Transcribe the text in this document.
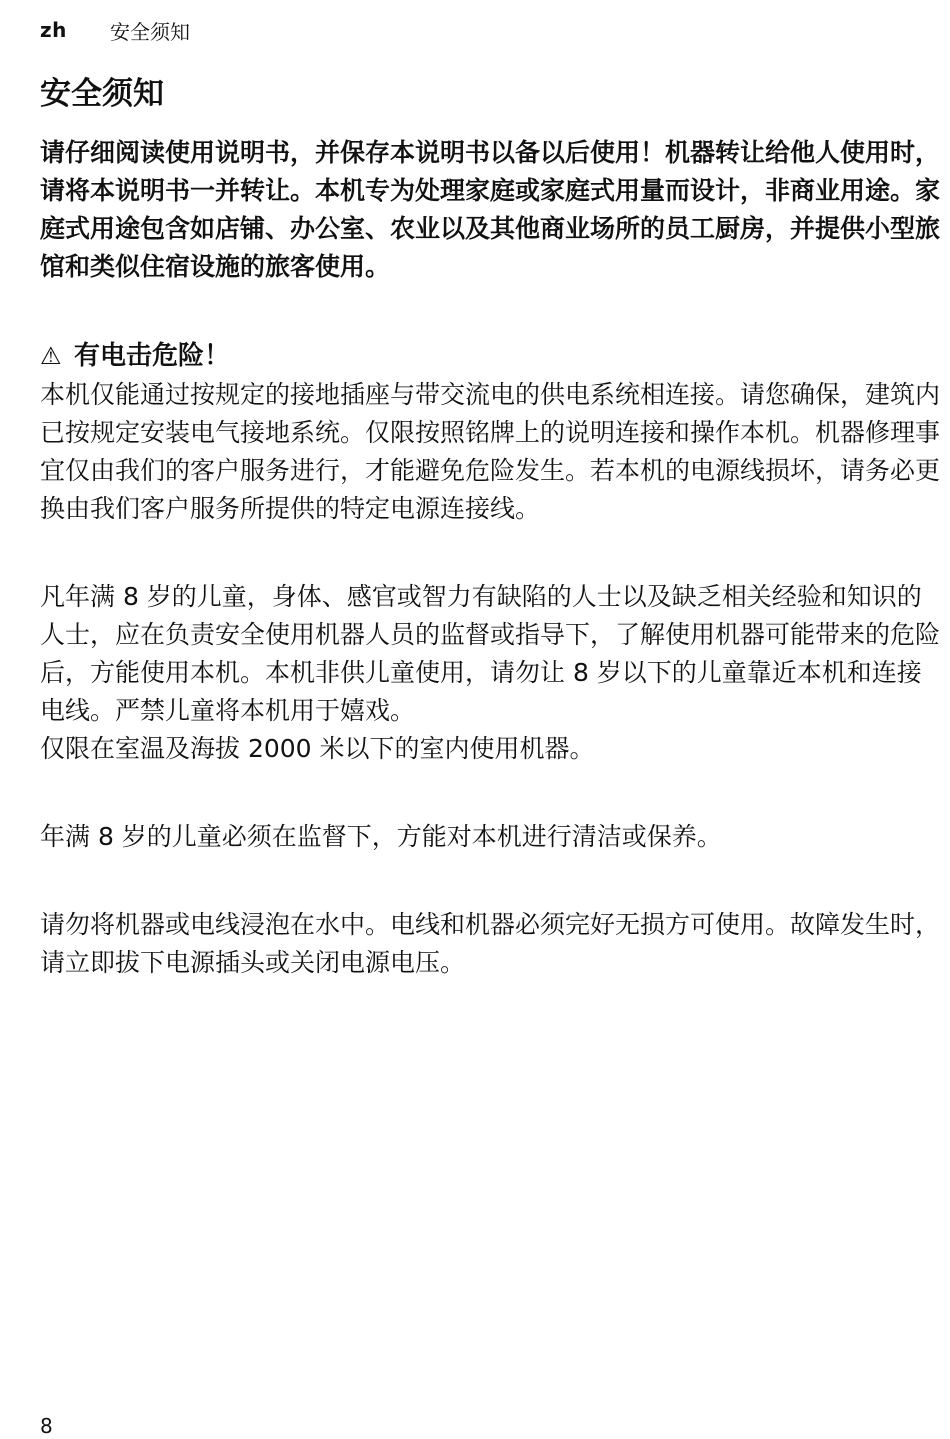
zh	安全须知
安全须知

请仔细阅读使用说明书，并保存本说明书以备以后使用！机器转让给他人使用时，请将本说明书一并转让。本机专为处理家庭或家庭式用量而设计，非商业用途。家庭式用途包含如店铺、办公室、农业以及其他商业场所的员工厨房，并提供小型旅馆和类似住宿设施的旅客使用。

⚠ 有电击危险！

本机仅能通过按规定的接地插座与带交流电的供电系统相连接。请您确保，建筑内已按规定安装电气接地系统。仅限按照铭牌上的说明连接和操作本机。机器修理事宜仅由我们的客户服务进行，才能避免危险发生。若本机的电源线损坏，请务必更换由我们客户服务所提供的特定电源连接线。

凡年满 8 岁的儿童，身体、感官或智力有缺陷的人士以及缺乏相关经验和知识的人士，应在负责安全使用机器人员的监督或指导下，了解使用机器可能带来的危险后，方能使用本机。本机非供儿童使用，请勿让 8 岁以下的儿童靠近本机和连接电线。严禁儿童将本机用于嬉戏。

仅限在室温及海拔 2000 米以下的室内使用机器。

年满 8 岁的儿童必须在监督下，方能对本机进行清洁或保养。

请勿将机器或电线浸泡在水中。电线和机器必须完好无损方可使用。故障发生时，请立即拔下电源插头或关闭电源电压。

8
